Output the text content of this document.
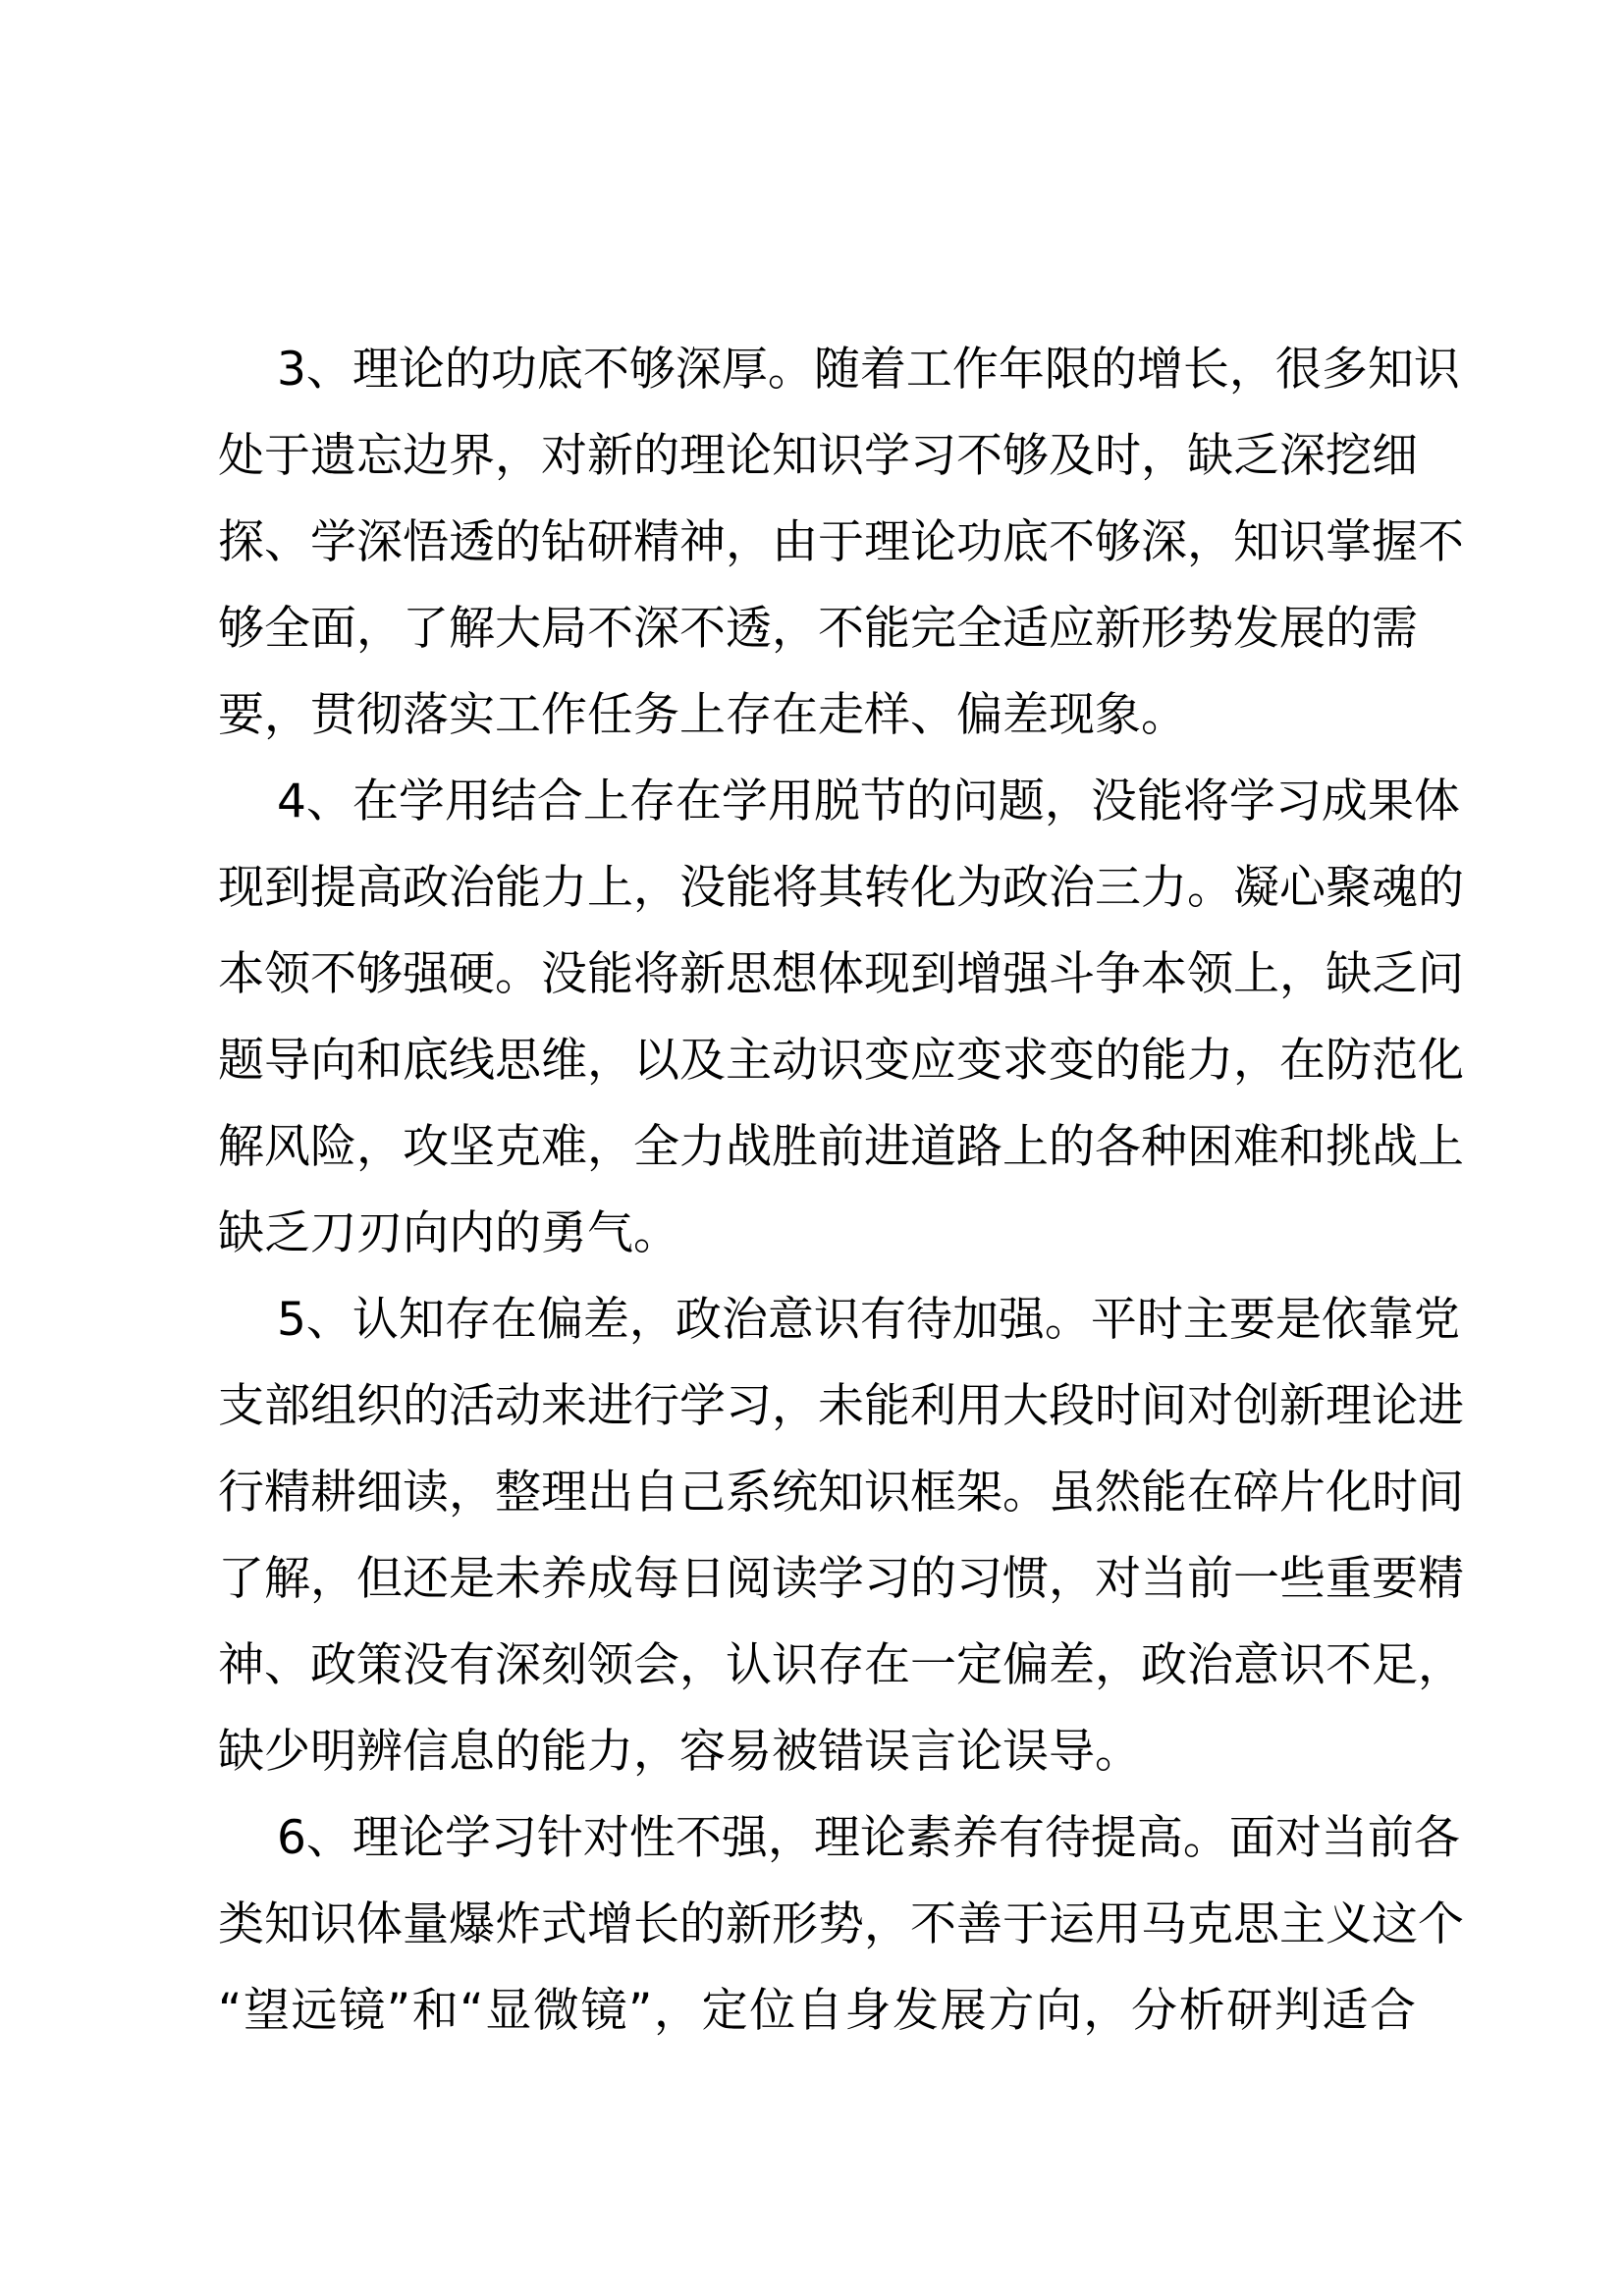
3、理论的功底不够深厚。随着工作年限的增长，很多知识
处于遗忘边界，对新的理论知识学习不够及时，缺乏深挖细
探、学深悟透的钻研精神，由于理论功底不够深，知识掌握不
够全面，了解大局不深不透，不能完全适应新形势发展的需
要，贯彻落实工作任务上存在走样、偏差现象。
4、在学用结合上存在学用脱节的问题，没能将学习成果体
现到提高政治能力上，没能将其转化为政治三力。凝心聚魂的
本领不够强硬。没能将新思想体现到增强斗争本领上，缺乏问
题导向和底线思维，以及主动识变应变求变的能力，在防范化
解风险，攻坚克难，全力战胜前进道路上的各种困难和挑战上
缺乏刀刃向内的勇气。
5、认知存在偏差，政治意识有待加强。平时主要是依靠党
支部组织的活动来进行学习，未能利用大段时间对创新理论进
行精耕细读，整理出自己系统知识框架。虽然能在碎片化时间
了解，但还是未养成每日阅读学习的习惯，对当前一些重要精
神、政策没有深刻领会，认识存在一定偏差，政治意识不足，
缺少明辨信息的能力，容易被错误言论误导。
6、理论学习针对性不强，理论素养有待提高。面对当前各
类知识体量爆炸式增长的新形势，不善于运用马克思主义这个
“望远镜”和“显微镜”，定位自身发展方向，分析研判适合
